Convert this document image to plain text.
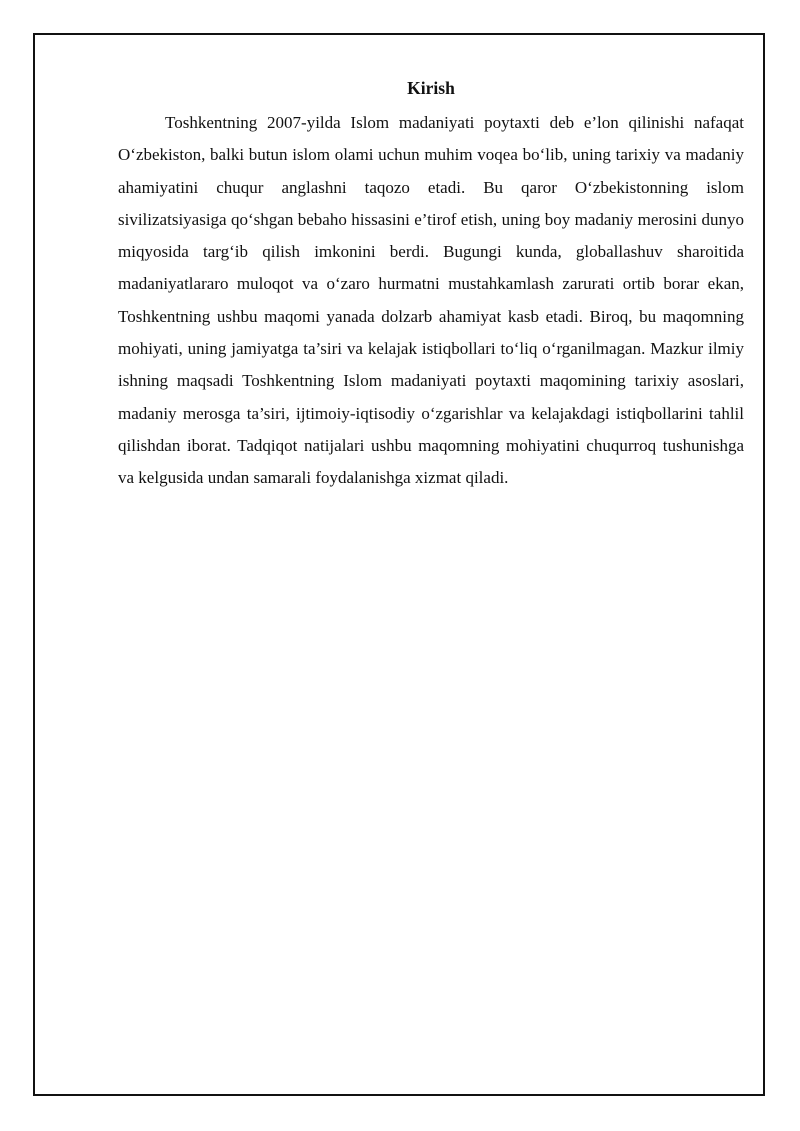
Kirish

Toshkentning 2007-yilda Islom madaniyati poytaxti deb e’lon qilinishi nafaqat O‘zbekiston, balki butun islom olami uchun muhim voqea bo‘lib, uning tarixiy va madaniy ahamiyatini chuqur anglashni taqozo etadi. Bu qaror O‘zbekistonning islom sivilizatsiyasiga qo‘shgan bebaho hissasini e’tirof etish, uning boy madaniy merosini dunyo miqyosida targ‘ib qilish imkonini berdi. Bugungi kunda, globallashuv sharoitida madaniyatlararo muloqot va o‘zaro hurmatni mustahkamlash zarurati ortib borar ekan, Toshkentning ushbu maqomi yanada dolzarb ahamiyat kasb etadi. Biroq, bu maqomning mohiyati, uning jamiyatga ta’siri va kelajak istiqbollari to‘liq o‘rganilmagan. Mazkur ilmiy ishning maqsadi Toshkentning Islom madaniyati poytaxti maqomining tarixiy asoslari, madaniy merosga ta’siri, ijtimoiy-iqtisodiy o‘zgarishlar va kelajakdagi istiqbollarini tahlil qilishdan iborat. Tadqiqot natijalari ushbu maqomning mohiyatini chuqurroq tushunishga va kelgusida undan samarali foydalanishga xizmat qiladi.
